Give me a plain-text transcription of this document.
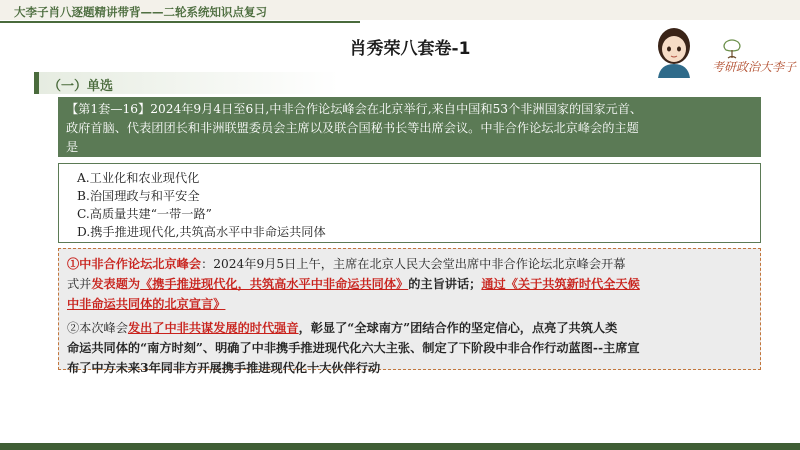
大李子肖八逐题精讲带背——二轮系统知识点复习
肖秀荣八套卷-1
考研政治大李子
（一）单选
【第1套—16】2024年9月4日至6日,中非合作论坛峰会在北京举行,来自中国和53个非洲国家的国家元首、
政府首脑、代表团团长和非洲联盟委员会主席以及联合国秘书长等出席会议。中非合作论坛北京峰会的主题
是
A.工业化和农业现代化
B.治国理政与和平安全
C.高质量共建“一带一路”
D.携手推进现代化,共筑高水平中非命运共同体
①中非合作论坛北京峰会：2024年9月5日上午，主席在北京人民大会堂出席中非合作论坛北京峰会开幕
式并发表题为《携手推进现代化，共筑高水平中非命运共同体》的主旨讲话；通过《关于共筑新时代全天候
中非命运共同体的北京宣言》
②本次峰会发出了中非共谋发展的时代强音，彰显了“全球南方”团结合作的坚定信心，点亮了共筑人类
命运共同体的“南方时刻”、明确了中非携手推进现代化六大主张、制定了下阶段中非合作行动蓝图--主席宣
布了中方未来3年同非方开展携手推进现代化十大伙伴行动
